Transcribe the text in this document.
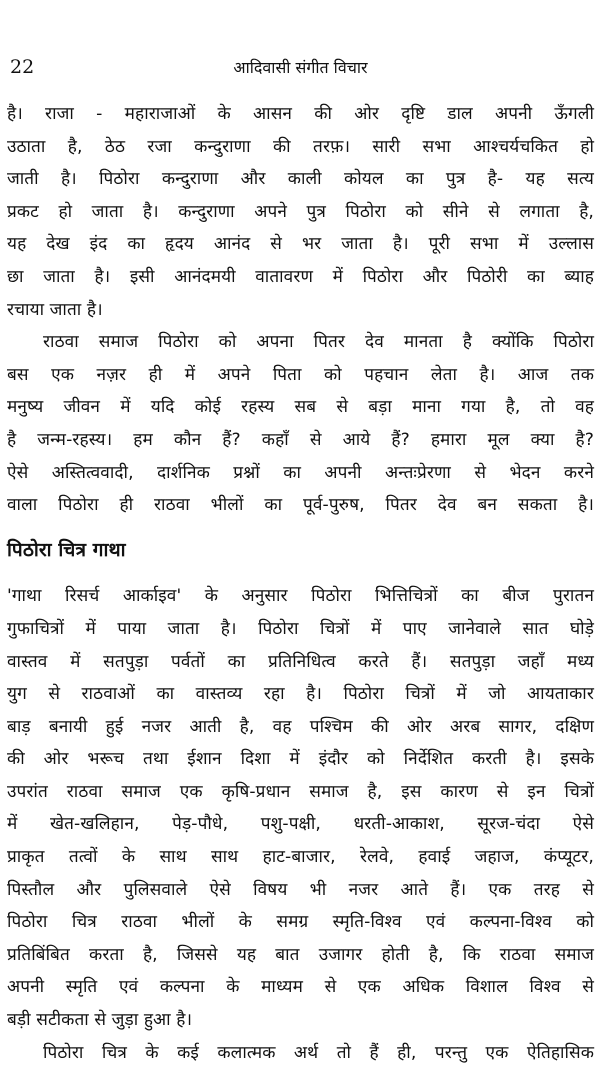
22	आदिवासी संगीत विचार
है। राजा - महाराजाओं के आसन की ओर दृष्टि डाल अपनी ऊँगली
उठाता है, ठेठ रजा कन्दुराणा की तरफ़। सारी सभा आश्चर्यचकित हो
जाती है। पिठोरा कन्दुराणा और काली कोयल का पुत्र है- यह सत्य
प्रकट हो जाता है। कन्दुराणा अपने पुत्र पिठोरा को सीने से लगाता है,
यह देख इंद का हृदय आनंद से भर जाता है। पूरी सभा में उल्लास
छा जाता है। इसी आनंदमयी वातावरण में पिठोरा और पिठोरी का ब्याह
रचाया जाता है।
राठवा समाज पिठोरा को अपना पितर देव मानता है क्योंकि पिठोरा
बस एक नज़र ही में अपने पिता को पहचान लेता है। आज तक
मनुष्य जीवन में यदि कोई रहस्य सब से बड़ा माना गया है, तो वह
है जन्म-रहस्य। हम कौन हैं? कहाँ से आये हैं? हमारा मूल क्या है?
ऐसे अस्तित्ववादी, दार्शनिक प्रश्नों का अपनी अन्तःप्रेरणा से भेदन करने
वाला पिठोरा ही राठवा भीलों का पूर्व-पुरुष, पितर देव बन सकता है।
पिठोरा चित्र गाथा
'गाथा रिसर्च आर्काइव' के अनुसार पिठोरा भित्तिचित्रों का बीज पुरातन
गुफाचित्रों में पाया जाता है। पिठोरा चित्रों में पाए जानेवाले सात घोड़े
वास्तव में सतपुड़ा पर्वतों का प्रतिनिधित्व करते हैं। सतपुड़ा जहाँ मध्य
युग से राठवाओं का वास्तव्य रहा है। पिठोरा चित्रों में जो आयताकार
बाड़ बनायी हुई नजर आती है, वह पश्चिम की ओर अरब सागर, दक्षिण
की ओर भरूच तथा ईशान दिशा में इंदौर को निर्देशित करती है। इसके
उपरांत राठवा समाज एक कृषि-प्रधान समाज है, इस कारण से इन चित्रों
में खेत-खलिहान, पेड़-पौधे, पशु-पक्षी, धरती-आकाश, सूरज-चंदा ऐसे
प्राकृत तत्वों के साथ साथ हाट-बाजार, रेलवे, हवाई जहाज, कंप्यूटर,
पिस्तौल और पुलिसवाले ऐसे विषय भी नजर आते हैं। एक तरह से
पिठोरा चित्र राठवा भीलों के समग्र स्मृति-विश्व एवं कल्पना-विश्व को
प्रतिबिंबित करता है, जिससे यह बात उजागर होती है, कि राठवा समाज
अपनी स्मृति एवं कल्पना के माध्यम से एक अधिक विशाल विश्व से
बड़ी सटीकता से जुड़ा हुआ है।
पिठोरा चित्र के कई कलात्मक अर्थ तो हैं ही, परन्तु एक ऐतिहासिक
